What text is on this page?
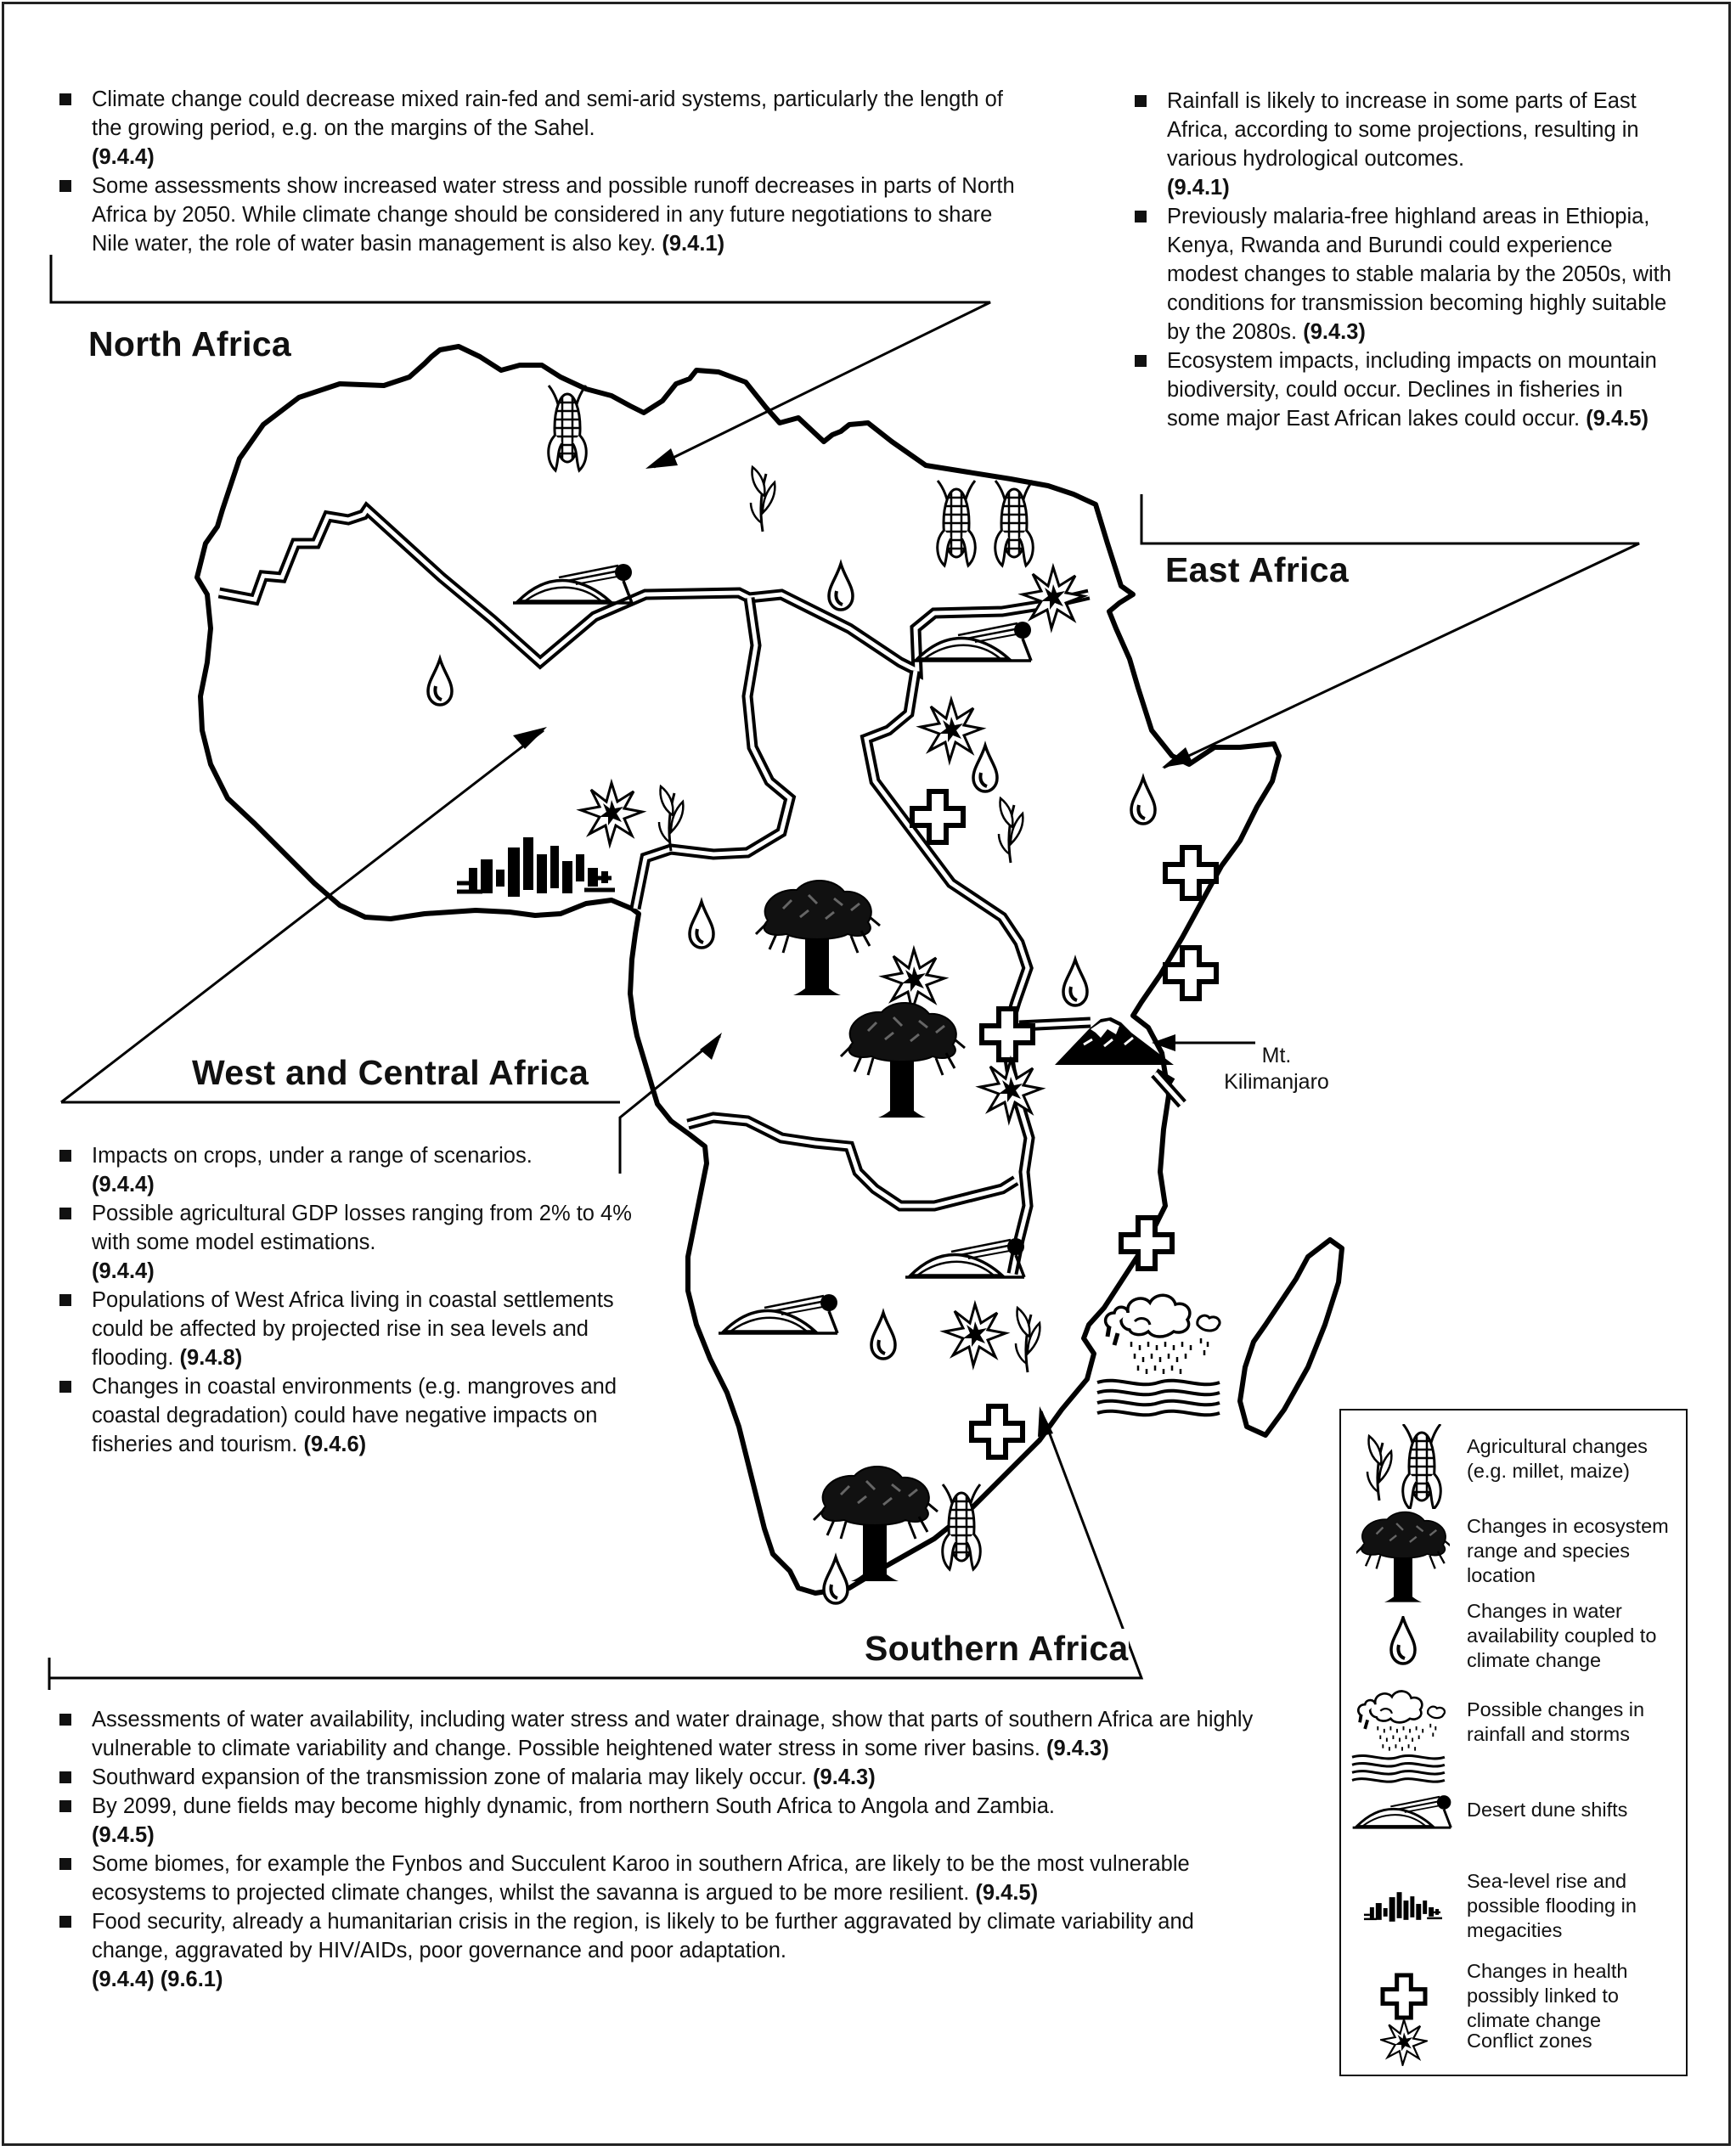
Climate change could decrease mixed rain-fed and semi-arid systems, particularly the length of the growing period, e.g. on the margins of the Sahel.
(9.4.4)
Some assessments show increased water stress and possible runoff decreases in parts of North Africa by 2050. While climate change should be considered in any future negotiations to share Nile water, the role of water basin management is also key. (9.4.1)
North Africa
Rainfall is likely to increase in some parts of East Africa, according to some projections, resulting in various hydrological outcomes.
(9.4.1)
Previously malaria-free highland areas in Ethiopia, Kenya, Rwanda and Burundi could experience modest changes to stable malaria by the 2050s, with conditions for transmission becoming highly suitable by the 2080s. (9.4.3)
Ecosystem impacts, including impacts on mountain biodiversity, could occur. Declines in fisheries in some major East African lakes could occur. (9.4.5)
East Africa
West and Central Africa
Impacts on crops, under a range of scenarios.
(9.4.4)
Possible agricultural GDP losses ranging from 2% to 4% with some model estimations.
(9.4.4)
Populations of West Africa living in coastal settlements could be affected by projected rise in sea levels and flooding. (9.4.8)
Changes in coastal environments (e.g. mangroves and coastal degradation) could have negative impacts on fisheries and tourism. (9.4.6)
Mt.
Kilimanjaro
Southern Africa
Assessments of water availability, including water stress and water drainage, show that parts of southern Africa are highly vulnerable to climate variability and change. Possible heightened water stress in some river basins. (9.4.3)
Southward expansion of the transmission zone of malaria may likely occur. (9.4.3)
By 2099, dune fields may become highly dynamic, from northern South Africa to Angola and Zambia.
(9.4.5)
Some biomes, for example the Fynbos and Succulent Karoo in southern Africa, are likely to be the most vulnerable ecosystems to projected climate changes, whilst the savanna is argued to be more resilient. (9.4.5)
Food security, already a humanitarian crisis in the region, is likely to be further aggravated by climate variability and change, aggravated by HIV/AIDs, poor governance and poor adaptation.
(9.4.4) (9.6.1)
Agricultural changes (e.g. millet, maize)
Changes in ecosystem range and species location
Changes in water availability coupled to climate change
Possible changes in rainfall and storms
Desert dune shifts
Sea-level rise and possible flooding in megacities
Changes in health possibly linked to climate change
Conflict zones
